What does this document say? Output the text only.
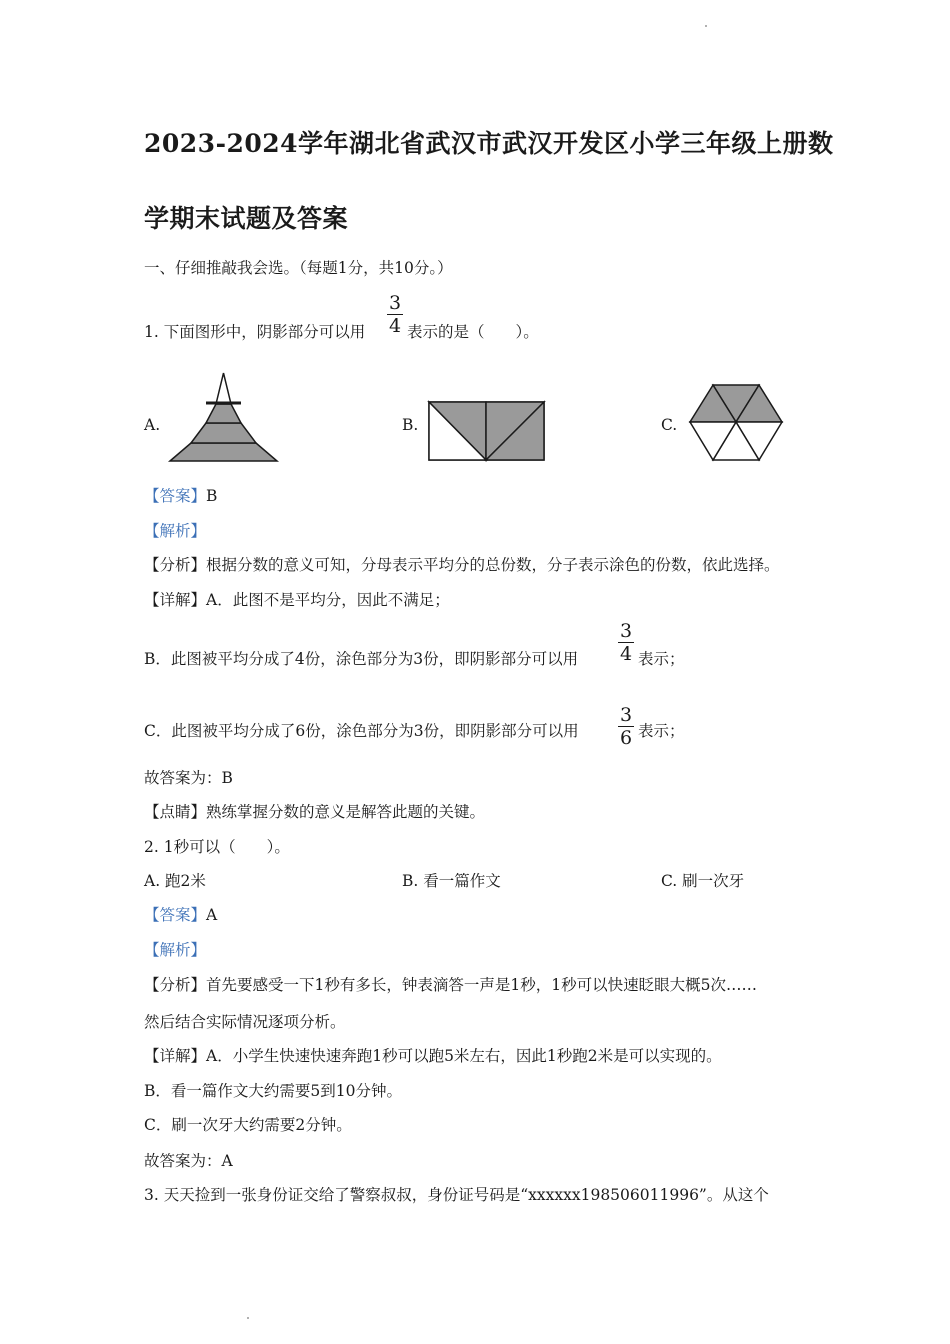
2023-2024学年湖北省武汉市武汉开发区小学三年级上册数
学期末试题及答案
一、仔细推敲我会选。（每题1分，共10分。）
1. 下面图形中，阴影部分可以用
3
4 表示的是（　　）。
A.	B.	C.
【答案】B
【解析】
【分析】根据分数的意义可知，分母表示平均分的总份数，分子表示涂色的份数，依此选择。
【详解】A．此图不是平均分，因此不满足；
B．此图被平均分成了4份，涂色部分为3份，即阴影部分可以用
3
4 表示；
C．此图被平均分成了6份，涂色部分为3份，即阴影部分可以用
3
6 表示；
故答案为：B
【点睛】熟练掌握分数的意义是解答此题的关键。
2. 1秒可以（　　）。
A. 跑2米	B. 看一篇作文	C. 刷一次牙
【答案】A
【解析】
【分析】首先要感受一下1秒有多长，钟表滴答一声是1秒，1秒可以快速眨眼大概5次……
然后结合实际情况逐项分析。
【详解】A．小学生快速快速奔跑1秒可以跑5米左右，因此1秒跑2米是可以实现的。
B．看一篇作文大约需要5到10分钟。
C．刷一次牙大约需要2分钟。
故答案为：A
3. 天天捡到一张身份证交给了警察叔叔，身份证号码是“xxxxxx198506011996”。从这个
